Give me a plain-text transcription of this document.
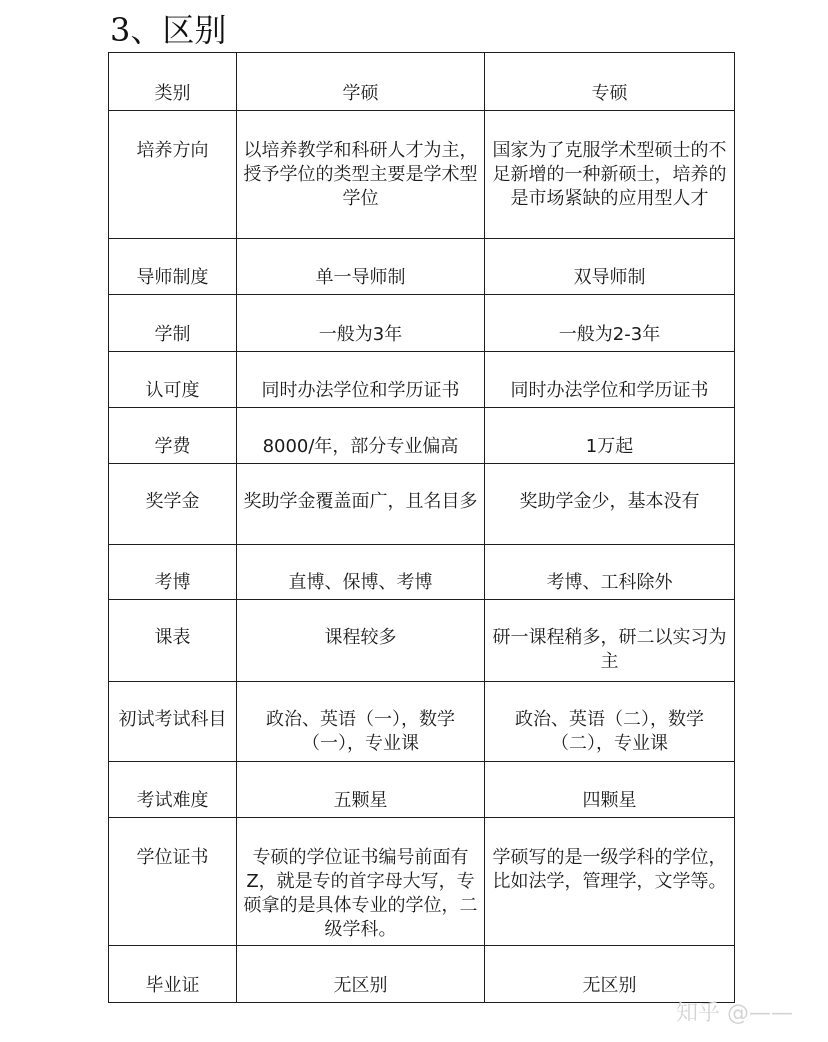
3、区别
类别	学硕	专硕
培养方向	以培养教学和科研人才为主，授予学位的类型主要是学术型学位	国家为了克服学术型硕士的不足新增的一种新硕士，培养的是市场紧缺的应用型人才
导师制度	单一导师制	双导师制
学制	一般为3年	一般为2-3年
认可度	同时办法学位和学历证书	同时办法学位和学历证书
学费	8000/年，部分专业偏高	1万起
奖学金	奖助学金覆盖面广，且名目多	奖助学金少，基本没有
考博	直博、保博、考博	考博、工科除外
课表	课程较多	研一课程稍多，研二以实习为主
初试考试科目	政治、英语（一），数学（一），专业课	政治、英语（二），数学（二），专业课
考试难度	五颗星	四颗星
学位证书	专硕的学位证书编号前面有Z，就是专的首字母大写，专硕拿的是具体专业的学位，二级学科。	学硕写的是一级学科的学位，比如法学，管理学，文学等。
毕业证	无区别	无区别
知乎 @——
